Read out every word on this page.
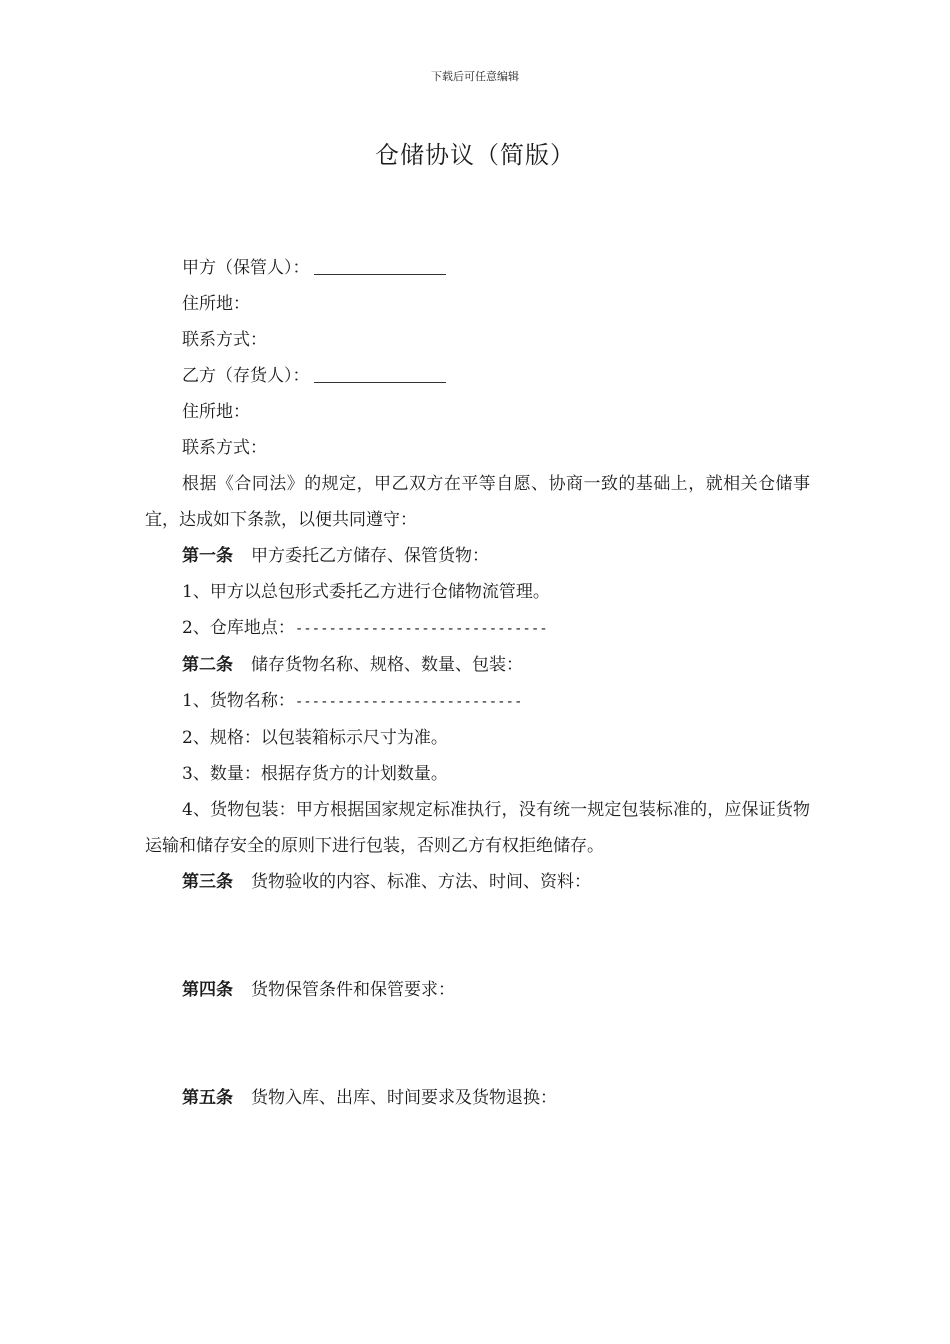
下载后可任意编辑
仓储协议（简版）

甲方（保管人）：

住所地：

联系方式：

乙方（存货人）：

住所地：

联系方式：

根据《合同法》的规定，甲乙双方在平等自愿、协商一致的基础上，就相关仓储事宜，达成如下条款，以便共同遵守：

第一条 甲方委托乙方储存、保管货物：

1、甲方以总包形式委托乙方进行仓储物流管理。

2、仓库地点：------------------------------

第二条 储存货物名称、规格、数量、包装：

1、货物名称：---------------------------

2、规格：以包装箱标示尺寸为准。

3、数量：根据存货方的计划数量。

4、货物包装：甲方根据国家规定标准执行，没有统一规定包装标准的，应保证货物运输和储存安全的原则下进行包装，否则乙方有权拒绝储存。

第三条 货物验收的内容、标准、方法、时间、资料：

第四条 货物保管条件和保管要求：

第五条 货物入库、出库、时间要求及货物退换：
